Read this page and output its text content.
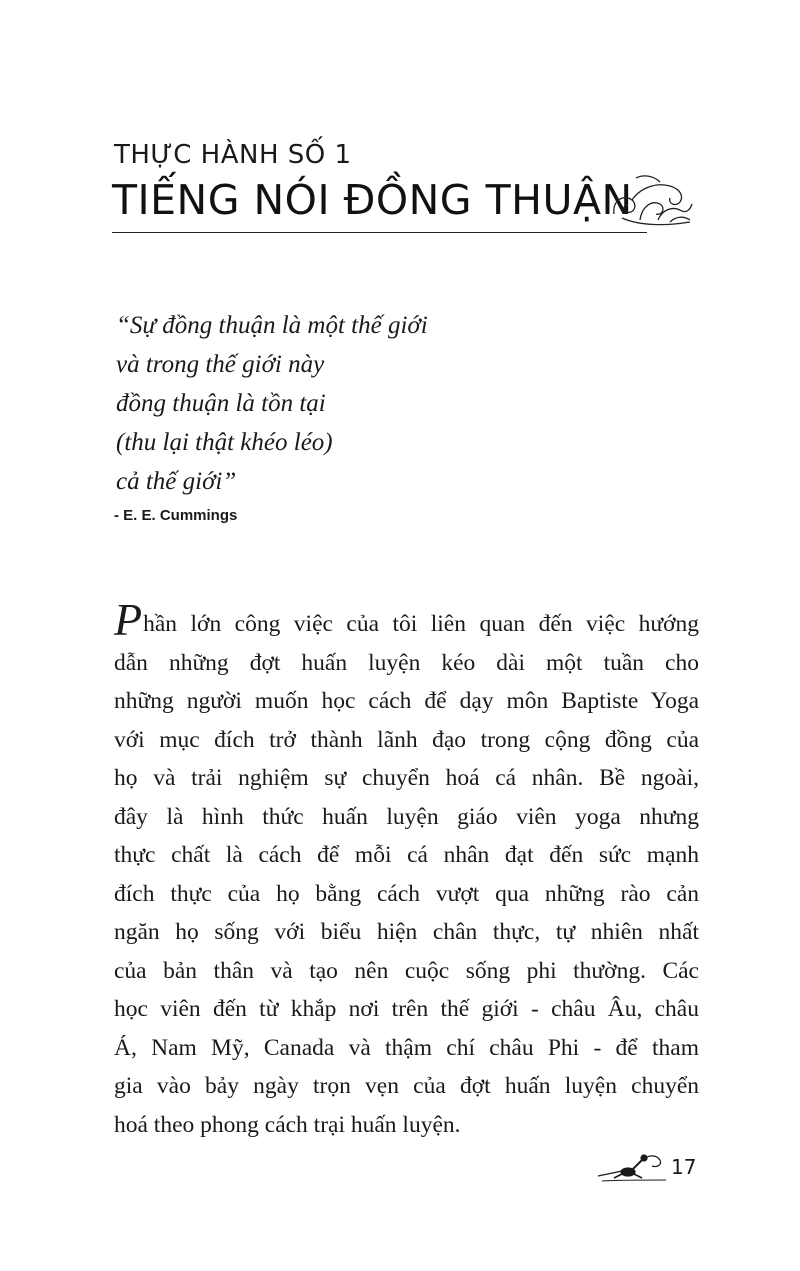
THỰC HÀNH SỐ 1
TIẾNG NÓI ĐỒNG THUẬN
“Sự đồng thuận là một thế giới
và trong thế giới này
đồng thuận là tồn tại
(thu lại thật khéo léo)
cả thế giới”
- E. E. Cummings
Phần lớn công việc của tôi liên quan đến việc hướng
dẫn những đợt huấn luyện kéo dài một tuần cho
những người muốn học cách để dạy môn Baptiste Yoga
với mục đích trở thành lãnh đạo trong cộng đồng của
họ và trải nghiệm sự chuyển hoá cá nhân. Bề ngoài,
đây là hình thức huấn luyện giáo viên yoga nhưng
thực chất là cách để mỗi cá nhân đạt đến sức mạnh
đích thực của họ bằng cách vượt qua những rào cản
ngăn họ sống với biểu hiện chân thực, tự nhiên nhất
của bản thân và tạo nên cuộc sống phi thường. Các
học viên đến từ khắp nơi trên thế giới - châu Âu, châu
Á, Nam Mỹ, Canada và thậm chí châu Phi - để tham
gia vào bảy ngày trọn vẹn của đợt huấn luyện chuyển
hoá theo phong cách trại huấn luyện.
17
